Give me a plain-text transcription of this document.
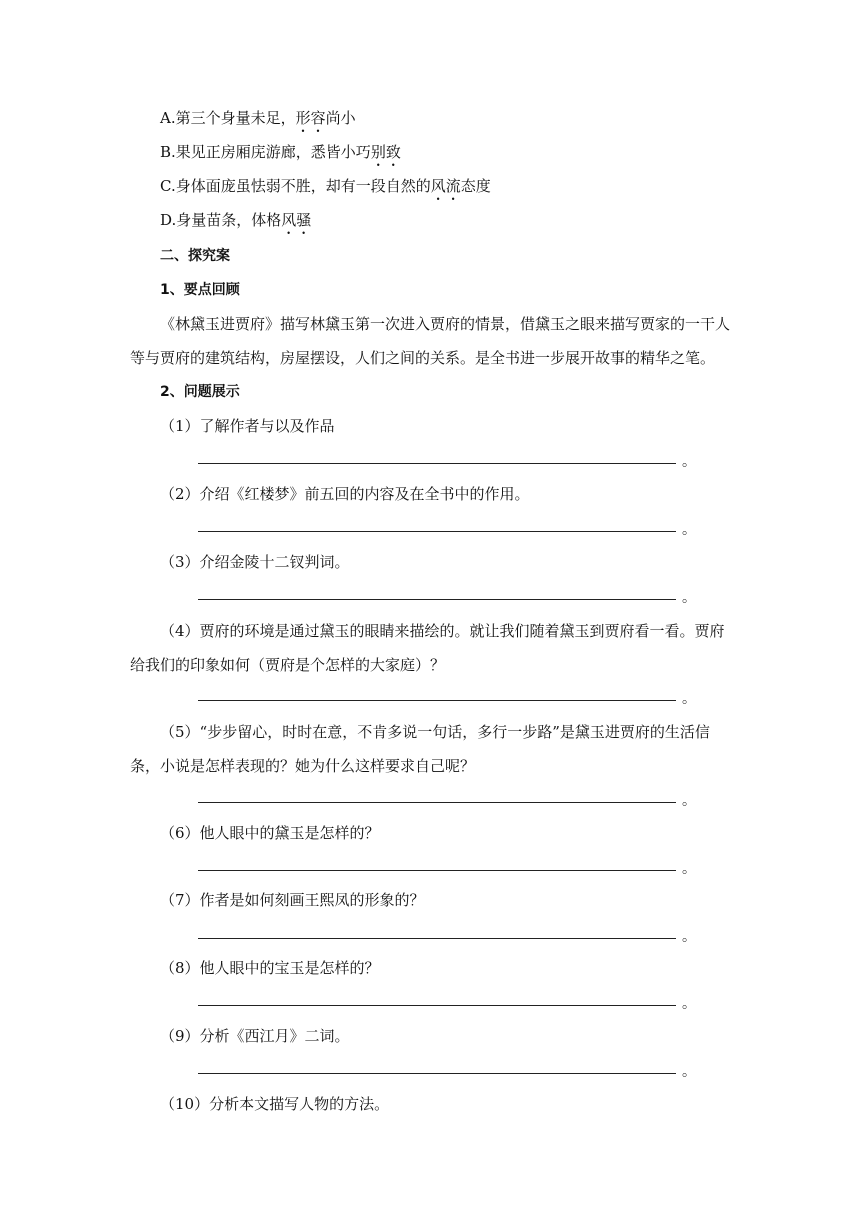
A.第三个身量未足，形容尚小
B.果见正房厢庑游廊，悉皆小巧别致
C.身体面庞虽怯弱不胜，却有一段自然的风流态度
D.身量苗条，体格风骚
二、探究案
1、要点回顾
《林黛玉进贾府》描写林黛玉第一次进入贾府的情景，借黛玉之眼来描写贾家的一干人
等与贾府的建筑结构，房屋摆设，人们之间的关系。是全书进一步展开故事的精华之笔。
2、问题展示
（1）了解作者与以及作品
。
（2）介绍《红楼梦》前五回的内容及在全书中的作用。
。
（3）介绍金陵十二钗判词。
。
（4）贾府的环境是通过黛玉的眼睛来描绘的。就让我们随着黛玉到贾府看一看。贾府
给我们的印象如何（贾府是个怎样的大家庭）？
。
（5）“步步留心，时时在意，不肯多说一句话，多行一步路”是黛玉进贾府的生活信
条，小说是怎样表现的？她为什么这样要求自己呢？
。
（6）他人眼中的黛玉是怎样的？
。
（7）作者是如何刻画王熙凤的形象的？
。
（8）他人眼中的宝玉是怎样的？
。
（9）分析《西江月》二词。
。
（10）分析本文描写人物的方法。
